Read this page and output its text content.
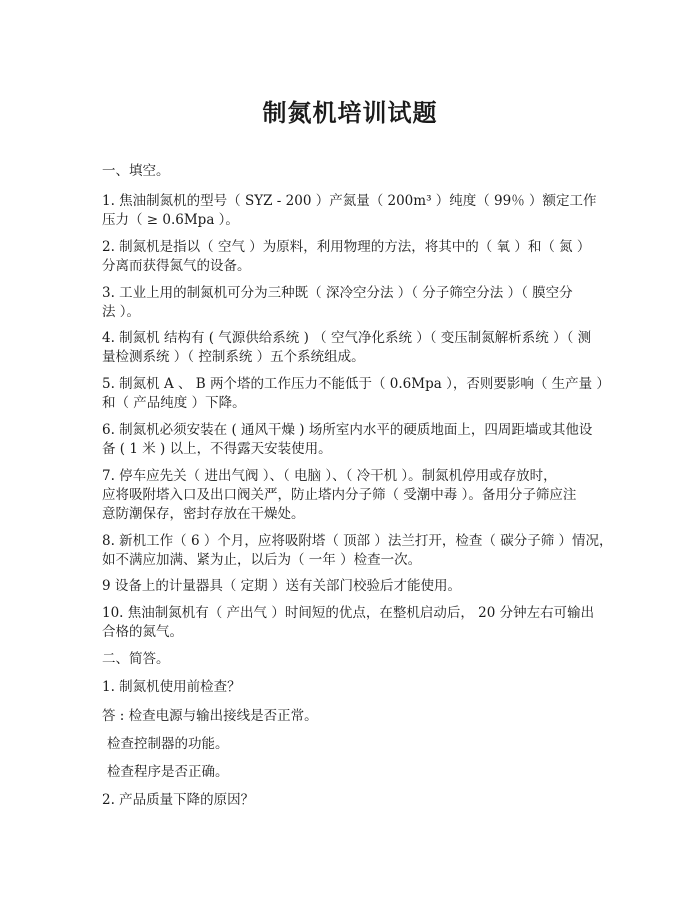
制氮机培训试题
一、填空。
1. 焦油制氮机的型号（ SYZ - 200 ）产氮量（ 200m³ ）纯度（ 99％ ）额定工作
压力（ ≥ 0.6Mpa ）。
2. 制氮机是指以（ 空气 ）为原料，利用物理的方法，将其中的（ 氧 ）和（ 氮 ）
分离而获得氮气的设备。
3. 工业上用的制氮机可分为三种既（ 深冷空分法 ）（ 分子筛空分法 ）（ 膜空分
法 ）。
4. 制氮机 结构有 ( 气源供给系统 ) （ 空气净化系统 ）（ 变压制氮解析系统 ）（ 测
量检测系统 ）（ 控制系统 ）五个系统组成。
5. 制氮机 A 、 B 两个塔的工作压力不能低于（ 0.6Mpa ），否则要影响（ 生产量 ）
和（ 产品纯度 ）下降。
6. 制氮机必须安装在 ( 通风干燥 ) 场所室内水平的硬质地面上，四周距墙或其他设
备 ( 1 米 ) 以上，不得露天安装使用。
7. 停车应先关（ 进出气阀 ）、（ 电脑 ）、（ 冷干机 ）。制氮机停用或存放时，
应将吸附塔入口及出口阀关严，防止塔内分子筛（ 受潮中毒 ）。备用分子筛应注
意防潮保存，密封存放在干燥处。
8. 新机工作（ 6 ）个月，应将吸附塔（ 顶部 ）法兰打开，检查（ 碳分子筛 ）情况，
如不满应加满、紧为止，以后为（ 一年 ）检查一次。
9 设备上的计量器具（ 定期 ）送有关部门校验后才能使用。
10. 焦油制氮机有（ 产出气 ）时间短的优点，在整机启动后， 20 分钟左右可输出
合格的氮气。
二、简答。
1. 制氮机使用前检查？
答 : 检查电源与输出接线是否正常。
检查控制器的功能。
检查程序是否正确。
2. 产品质量下降的原因？
